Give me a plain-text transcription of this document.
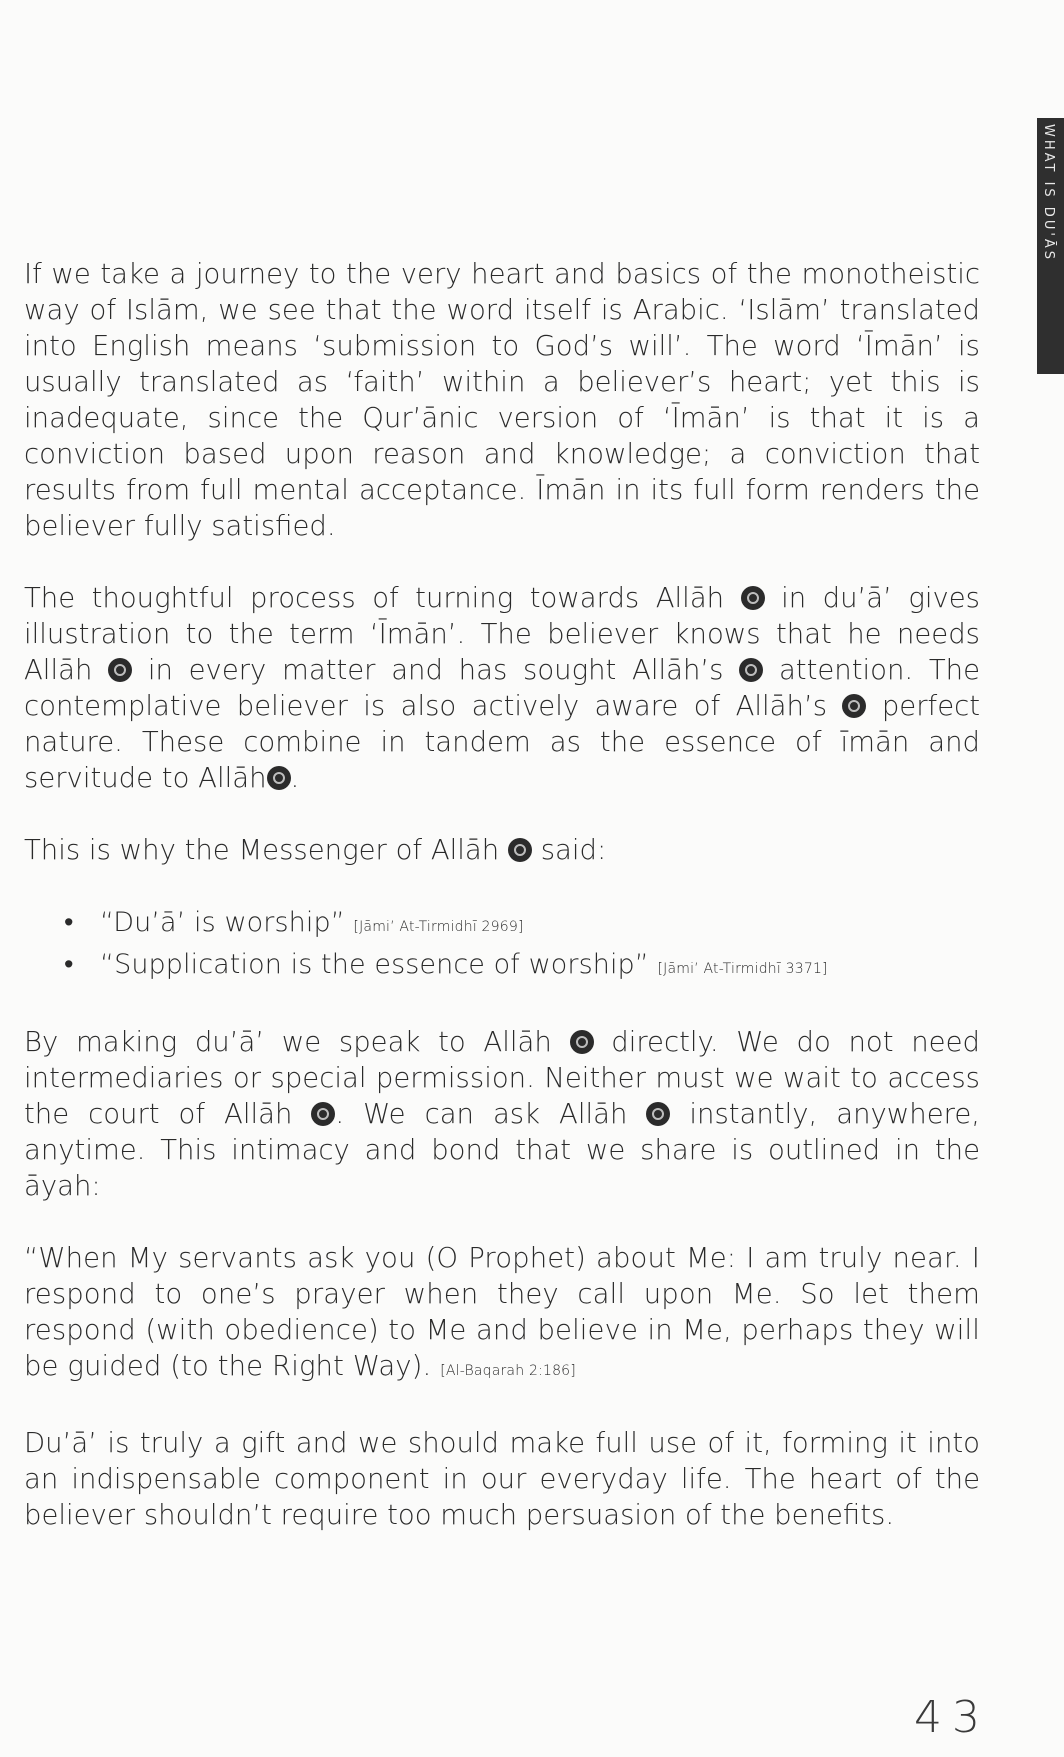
WHAT IS DU'ĀS

If we take a journey to the very heart and basics of the monotheistic way of Islām, we see that the word itself is Arabic. ‘Islām’ translated into English means ‘submission to God’s will’. The word ‘Īmān’ is usually translated as ‘faith’ within a believer’s heart; yet this is inadequate, since the Qur’ānic version of ‘Īmān’ is that it is a conviction based upon reason and knowledge; a conviction that results from full mental acceptance. Īmān in its full form renders the believer fully satisfied.

The thoughtful process of turning towards Allāh in du’ā’ gives illustration to the term ‘Īmān’. The believer knows that he needs Allāh in every matter and has sought Allāh’s attention. The contemplative believer is also actively aware of Allāh’s perfect nature. These combine in tandem as the essence of īmān and servitude to Allāh .

This is why the Messenger of Allāh said:

• “Du’ā’ is worship” [Jāmi’ At-Tirmidhī 2969]
• “Supplication is the essence of worship” [Jāmi’ At-Tirmidhī 3371]

By making du’ā’ we speak to Allāh directly. We do not need intermediaries or special permission. Neither must we wait to access the court of Allāh . We can ask Allāh instantly, anywhere, anytime. This intimacy and bond that we share is outlined in the āyah:

“When My servants ask you (O Prophet) about Me: I am truly near. I respond to one’s prayer when they call upon Me. So let them respond (with obedience) to Me and believe in Me, perhaps they will be guided (to the Right Way). [Al-Baqarah 2:186]

Du’ā’ is truly a gift and we should make full use of it, forming it into an indispensable component in our everyday life. The heart of the believer shouldn’t require too much persuasion of the benefits.

43
